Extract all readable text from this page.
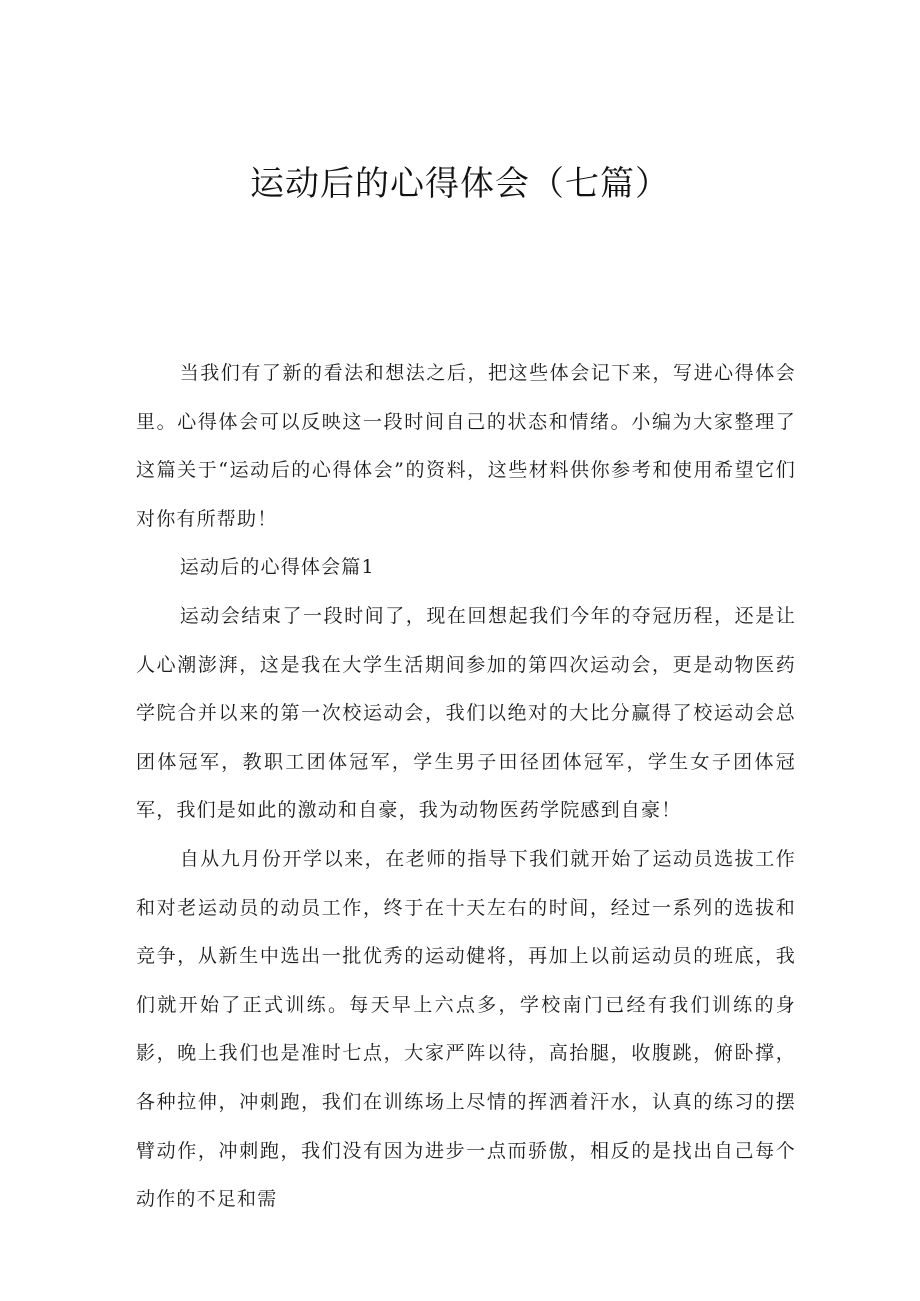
运动后的心得体会（七篇）

当我们有了新的看法和想法之后，把这些体会记下来，写进心得体会里。心得体会可以反映这一段时间自己的状态和情绪。小编为大家整理了这篇关于“运动后的心得体会”的资料，这些材料供你参考和使用希望它们对你有所帮助！

运动后的心得体会篇1

运动会结束了一段时间了，现在回想起我们今年的夺冠历程，还是让人心潮澎湃，这是我在大学生活期间参加的第四次运动会，更是动物医药学院合并以来的第一次校运动会，我们以绝对的大比分赢得了校运动会总团体冠军，教职工团体冠军，学生男子田径团体冠军，学生女子团体冠军，我们是如此的激动和自豪，我为动物医药学院感到自豪！

自从九月份开学以来，在老师的指导下我们就开始了运动员选拔工作和对老运动员的动员工作，终于在十天左右的时间，经过一系列的选拔和竞争，从新生中选出一批优秀的运动健将，再加上以前运动员的班底，我们就开始了正式训练。每天早上六点多，学校南门已经有我们训练的身影，晚上我们也是准时七点，大家严阵以待，高抬腿，收腹跳，俯卧撑，各种拉伸，冲刺跑，我们在训练场上尽情的挥洒着汗水，认真的练习的摆臂动作，冲刺跑，我们没有因为进步一点而骄傲，相反的是找出自己每个动作的不足和需
